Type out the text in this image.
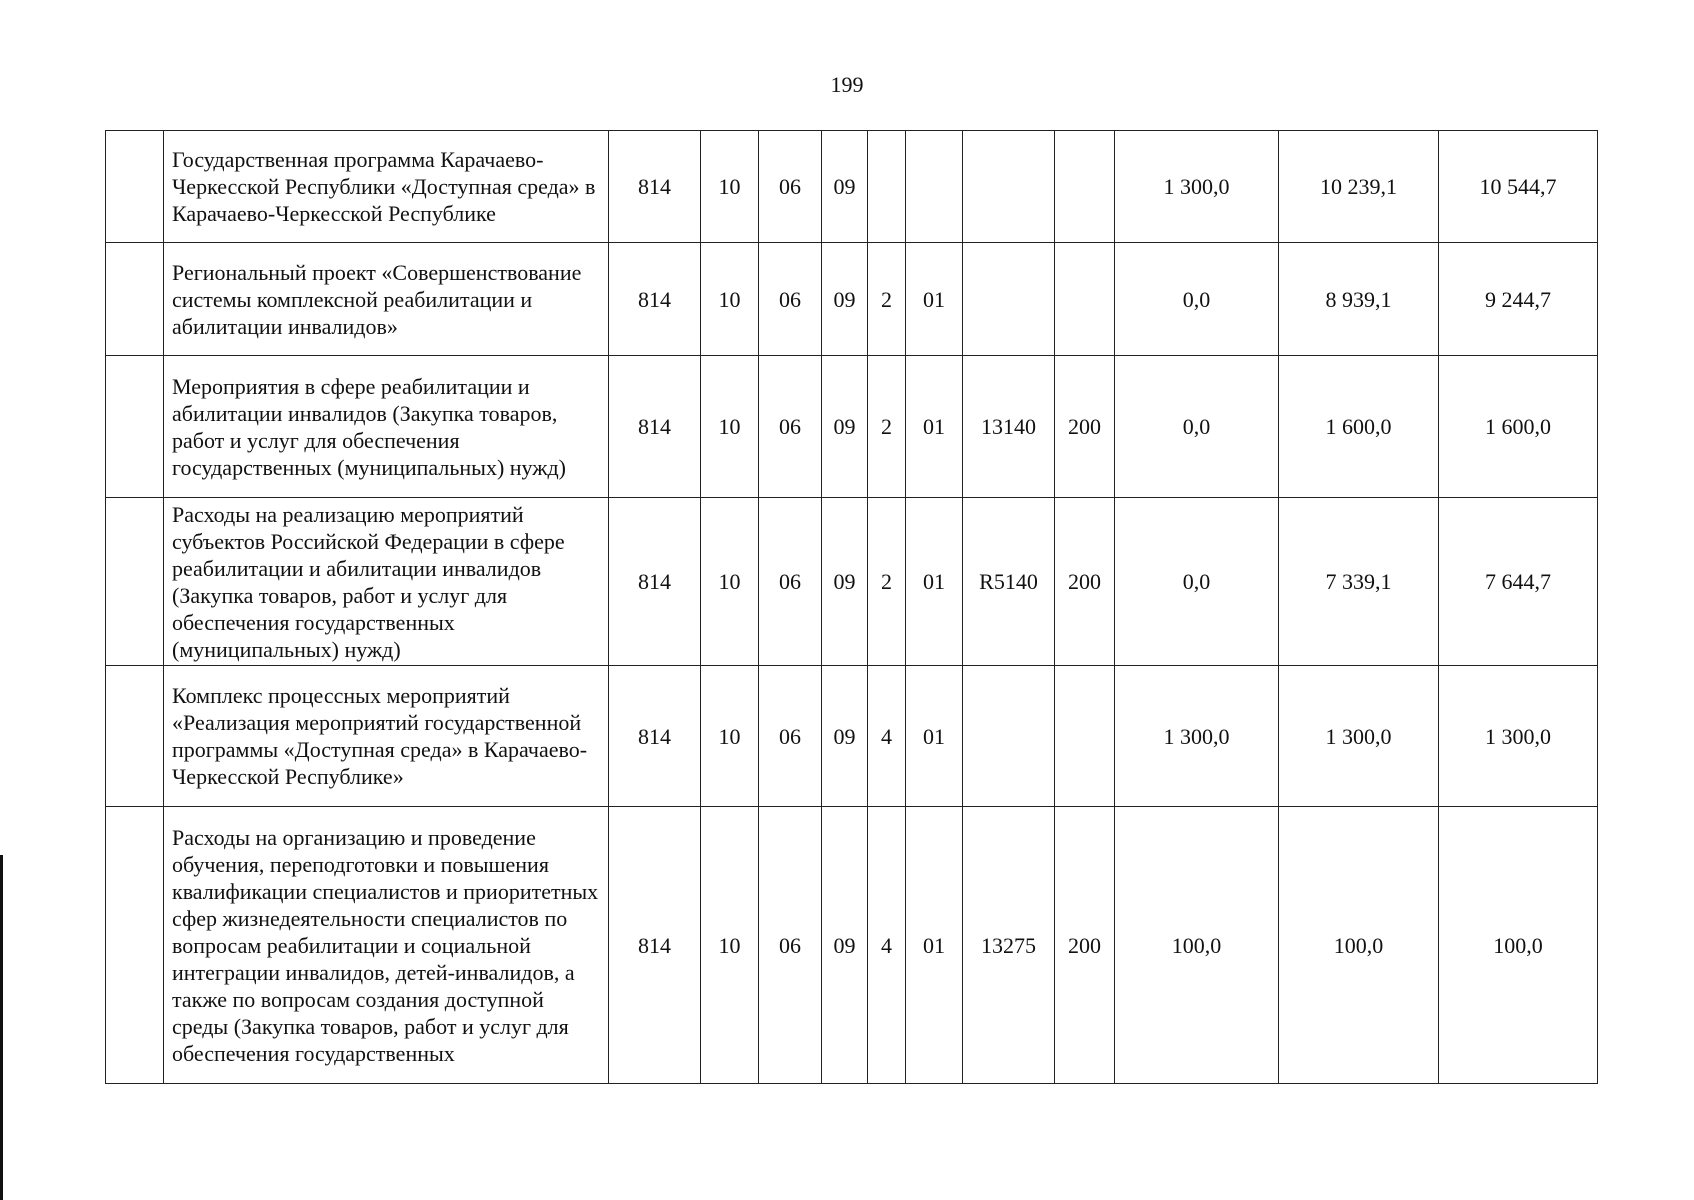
199
	Государственная программа Карачаево-Черкесской Республики «Доступная среда» в Карачаево-Черкесской Республике	814	10	06	09					1 300,0	10 239,1	10 544,7
	Региональный проект «Совершенствование системы комплексной реабилитации и абилитации инвалидов»	814	10	06	09	2	01			0,0	8 939,1	9 244,7
	Мероприятия в сфере реабилитации и абилитации инвалидов (Закупка товаров, работ и услуг для обеспечения государственных (муниципальных) нужд)	814	10	06	09	2	01	13140	200	0,0	1 600,0	1 600,0
	Расходы на реализацию мероприятий субъектов Российской Федерации в сфере реабилитации и абилитации инвалидов (Закупка товаров, работ и услуг для обеспечения государственных (муниципальных) нужд)	814	10	06	09	2	01	R5140	200	0,0	7 339,1	7 644,7
	Комплекс процессных мероприятий «Реализация мероприятий государственной программы «Доступная среда» в Карачаево-Черкесской Республике»	814	10	06	09	4	01			1 300,0	1 300,0	1 300,0
	Расходы на организацию и проведение обучения, переподготовки и повышения квалификации специалистов и приоритетных сфер жизнедеятельности специалистов по вопросам реабилитации и социальной интеграции инвалидов, детей-инвалидов, а также по вопросам создания доступной среды (Закупка товаров, работ и услуг для обеспечения государственных	814	10	06	09	4	01	13275	200	100,0	100,0	100,0
